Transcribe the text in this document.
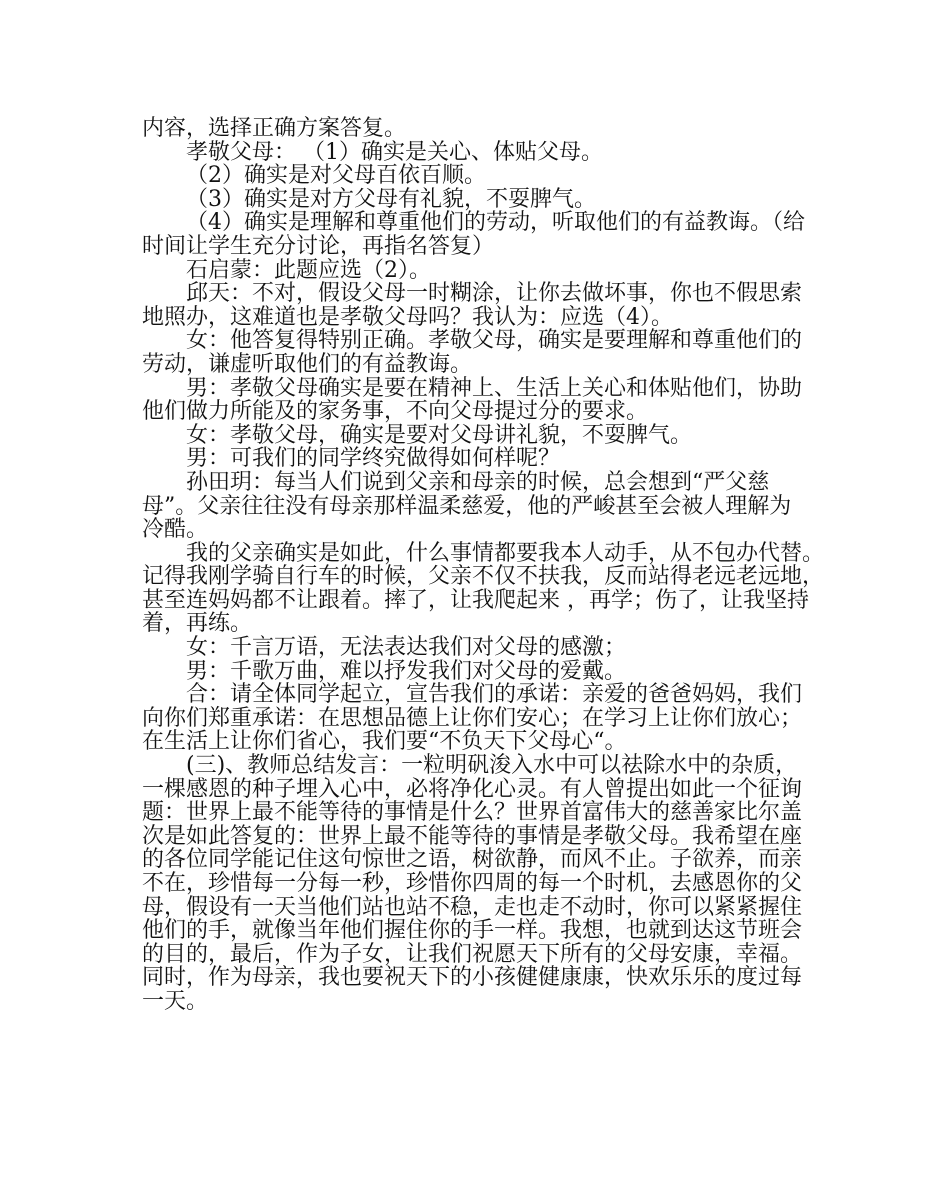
内容，选择正确方案答复。
孝敬父母： （1）确实是关心、体贴父母。
（2）确实是对父母百依百顺。
（3）确实是对方父母有礼貌，不耍脾气。
（4）确实是理解和尊重他们的劳动，听取他们的有益教诲。（给
时间让学生充分讨论，再指名答复）
石启蒙：此题应选（2）。
邱天：不对，假设父母一时糊涂，让你去做坏事，你也不假思索
地照办，这难道也是孝敬父母吗？我认为：应选（4）。
女：他答复得特别正确。孝敬父母，确实是要理解和尊重他们的
劳动，谦虚听取他们的有益教诲。
男：孝敬父母确实是要在精神上、生活上关心和体贴他们，协助
他们做力所能及的家务事，不向父母提过分的要求。
女：孝敬父母，确实是要对父母讲礼貌，不耍脾气。
男：可我们的同学终究做得如何样呢？
孙田玥：每当人们说到父亲和母亲的时候，总会想到“严父慈
母”。父亲往往没有母亲那样温柔慈爱，他的严峻甚至会被人理解为
冷酷。
我的父亲确实是如此，什么事情都要我本人动手，从不包办代替。
记得我刚学骑自行车的时候，父亲不仅不扶我，反而站得老远老远地，
甚至连妈妈都不让跟着。摔了，让我爬起来 ，再学；伤了，让我坚持
着，再练。
女：千言万语，无法表达我们对父母的感激；
男：千歌万曲，难以抒发我们对父母的爱戴。
合：请全体同学起立，宣告我们的承诺：亲爱的爸爸妈妈，我们
向你们郑重承诺：在思想品德上让你们安心；在学习上让你们放心；
在生活上让你们省心，我们要“不负天下父母心“。
(三)、教师总结发言：一粒明矾浚入水中可以祛除水中的杂质，
一棵感恩的种子埋入心中，必将净化心灵。有人曾提出如此一个征询
题：世界上最不能等待的事情是什么？世界首富伟大的慈善家比尔盖
次是如此答复的：世界上最不能等待的事情是孝敬父母。我希望在座
的各位同学能记住这句惊世之语，树欲静，而风不止。子欲养，而亲
不在，珍惜每一分每一秒，珍惜你四周的每一个时机，去感恩你的父
母，假设有一天当他们站也站不稳，走也走不动时，你可以紧紧握住
他们的手，就像当年他们握住你的手一样。我想，也就到达这节班会
的目的，最后，作为子女，让我们祝愿天下所有的父母安康，幸福。
同时，作为母亲，我也要祝天下的小孩健健康康，快欢乐乐的度过每
一天。
